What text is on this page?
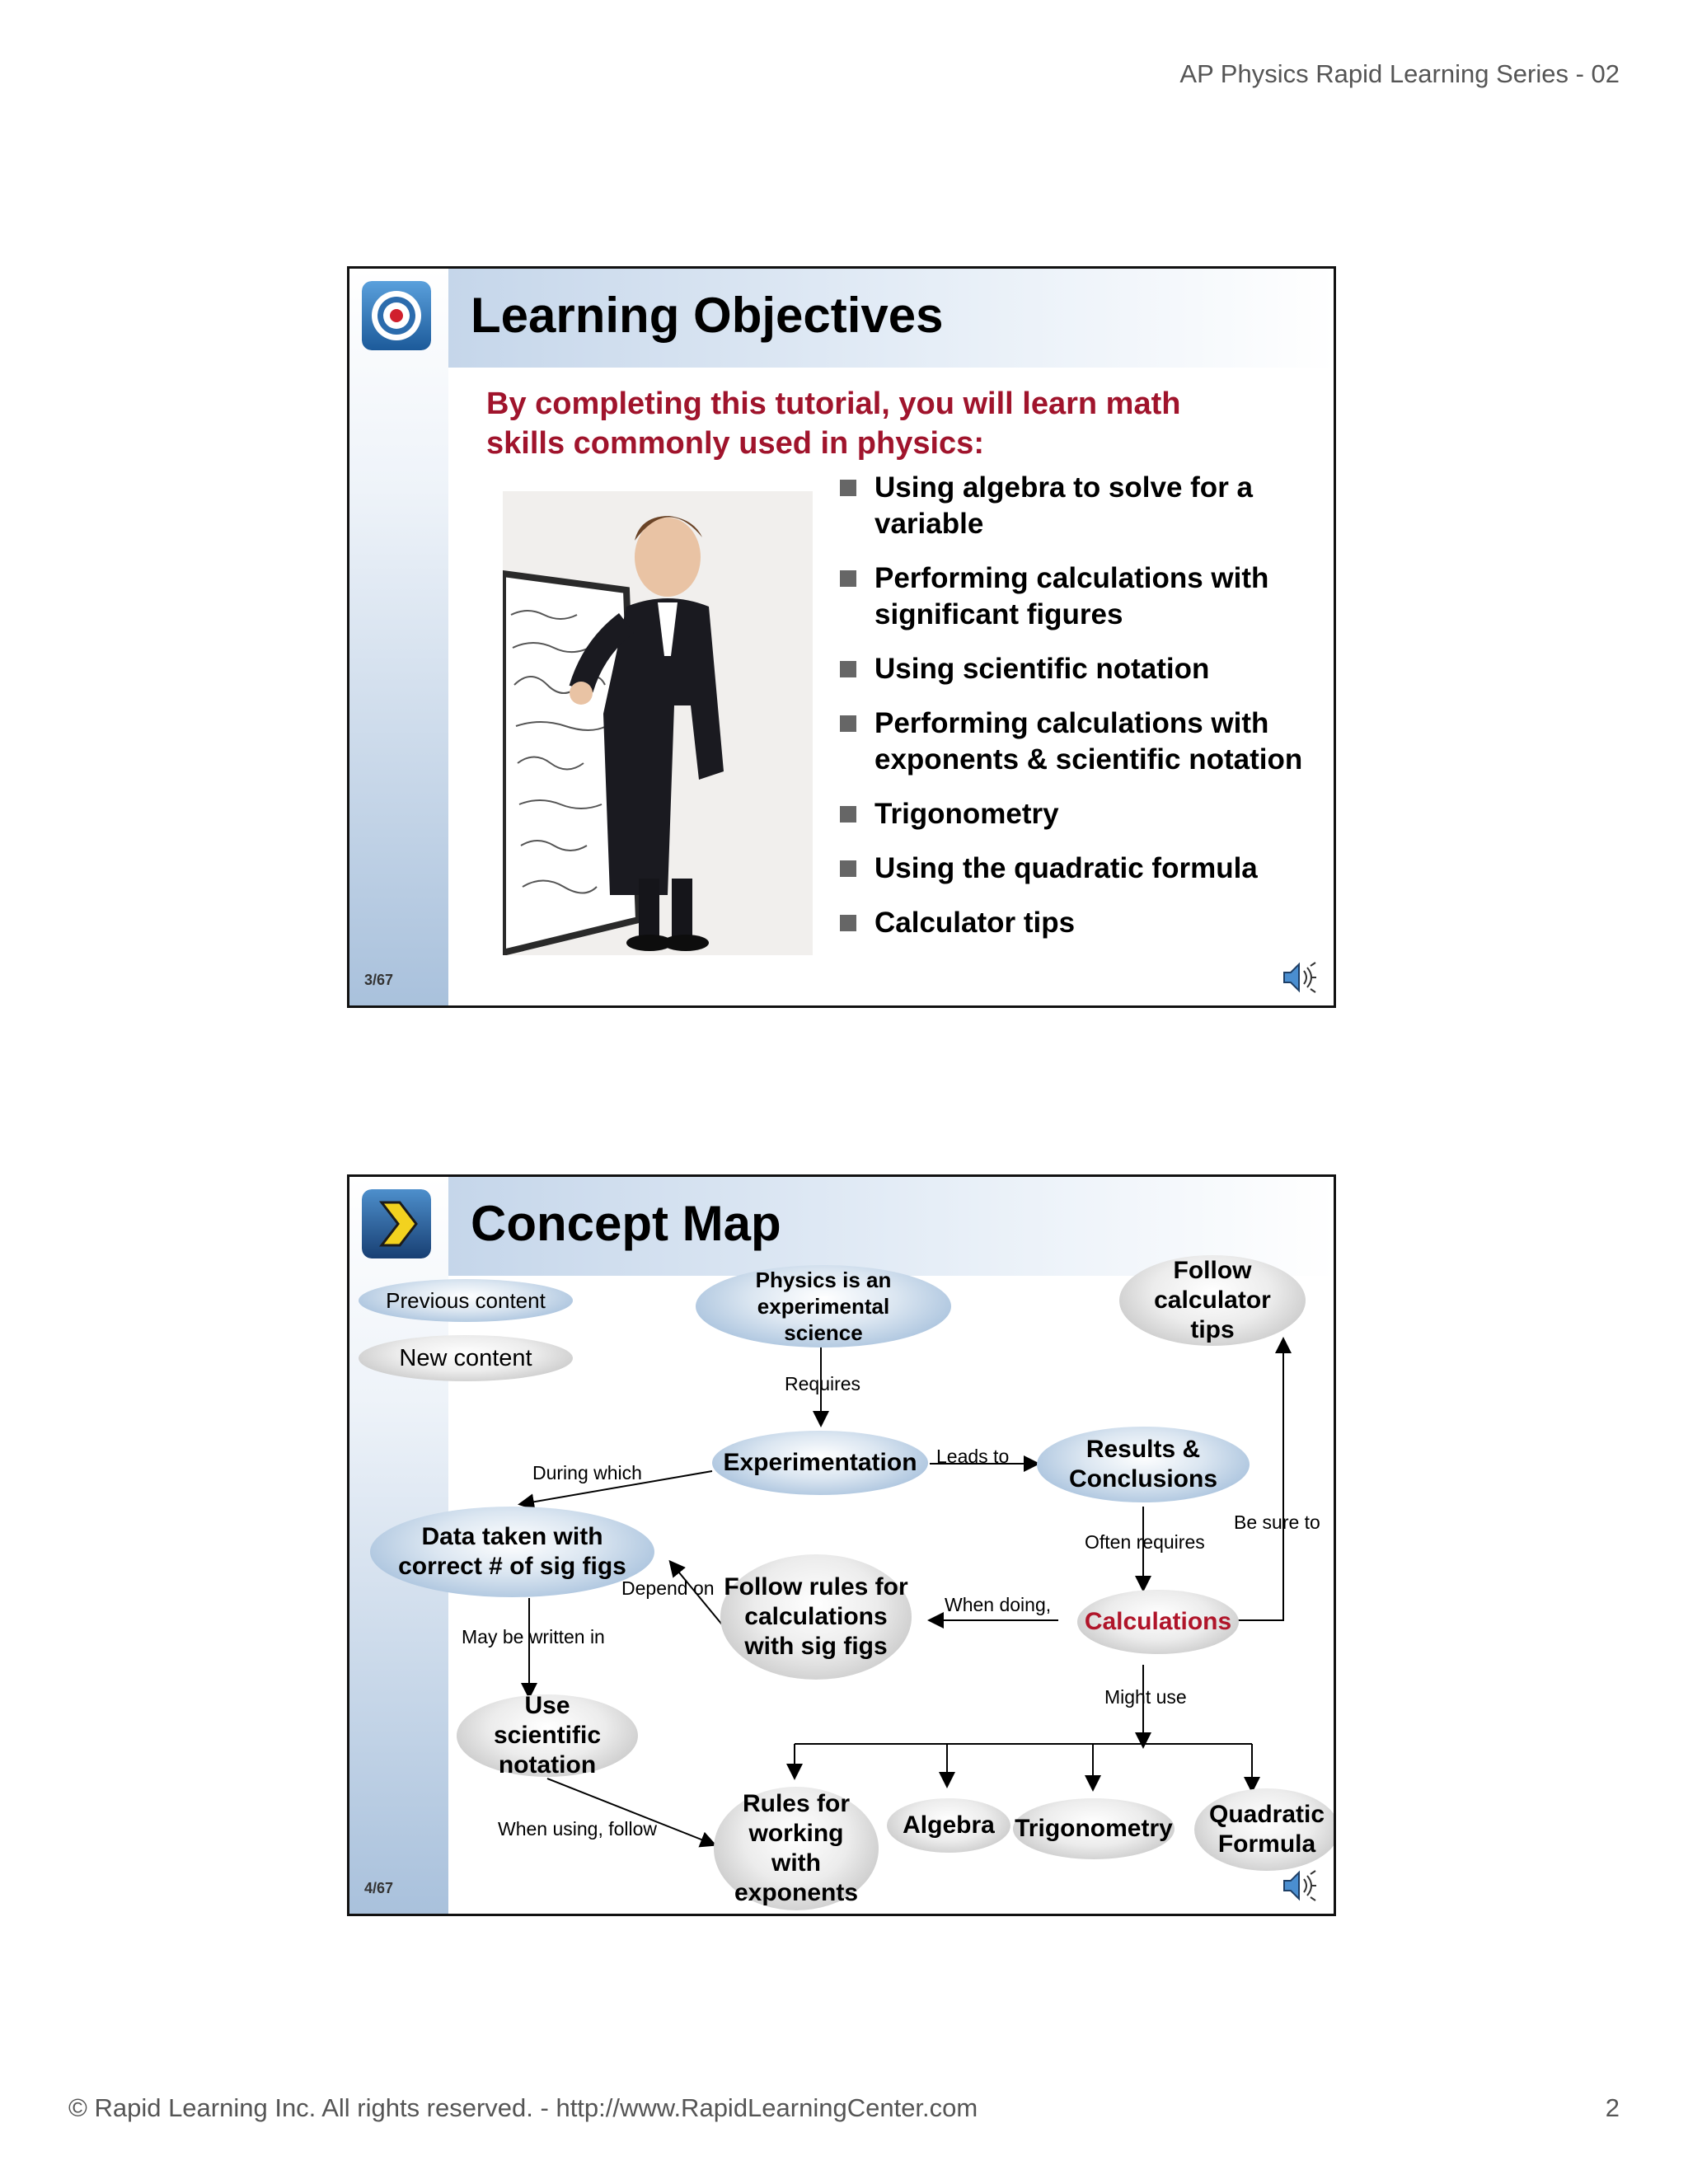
AP Physics Rapid Learning Series - 02
Learning Objectives
By completing this tutorial, you will learn math skills commonly used in physics:
Using algebra to solve for a variable
Performing calculations with significant figures
Using scientific notation
Performing calculations with exponents & scientific notation
Trigonometry
Using the quadratic formula
Calculator tips
3/67
Concept Map
Previous content
New content
Physics is an experimental science
Follow calculator tips
Experimentation	Results & Conclusions
Data taken with correct # of sig figs
Follow rules for calculations with sig figs
Calculations
Use scientific notation
Rules for working with exponents
Algebra Trigonometry
Quadratic Formula
Requires
Leads to
During which
Often requires
Be sure to
Depend on
When doing,
May be written in
Might use
When using, follow
4/67
© Rapid Learning Inc. All rights reserved. - http://www.RapidLearningCenter.com	2
